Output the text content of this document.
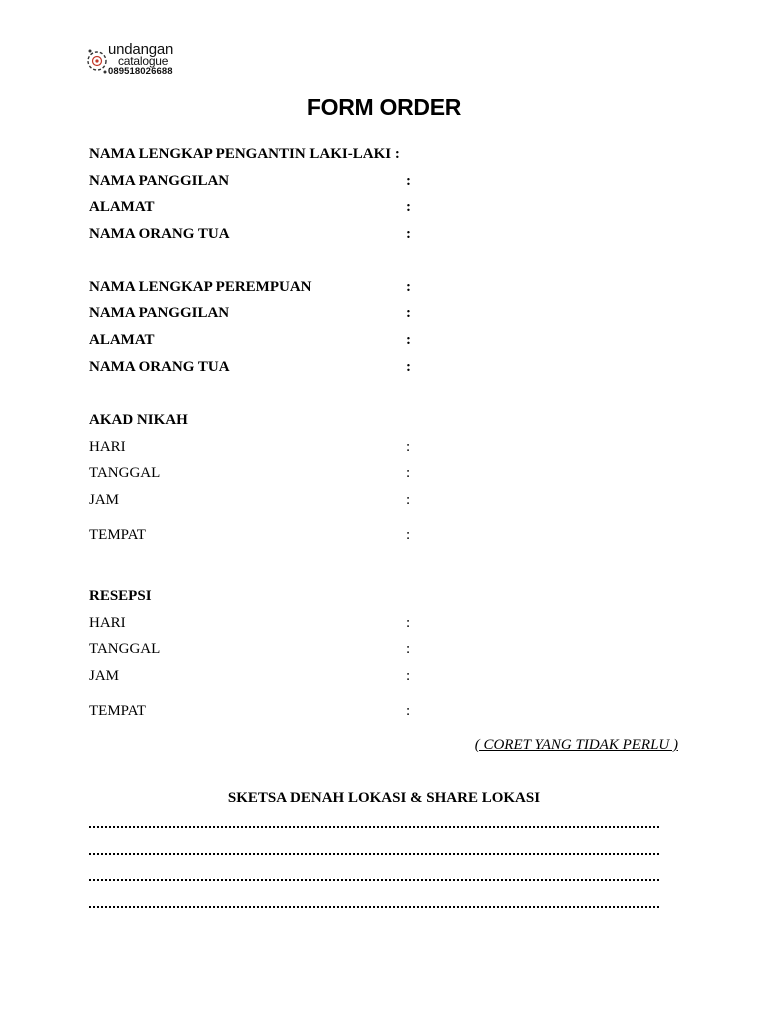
undangan
catalogue
089518026688
FORM ORDER
NAMA LENGKAP PENGANTIN LAKI-LAKI :
NAMA PANGGILAN	:
ALAMAT	:
NAMA ORANG TUA	:
NAMA LENGKAP PEREMPUAN	:
NAMA PANGGILAN	:
ALAMAT	:
NAMA ORANG TUA	:
AKAD NIKAH
HARI	:
TANGGAL	:
JAM	:
TEMPAT	:
RESEPSI
HARI	:
TANGGAL	:
JAM	:
TEMPAT	:
( CORET YANG TIDAK PERLU )
SKETSA DENAH LOKASI & SHARE LOKASI
